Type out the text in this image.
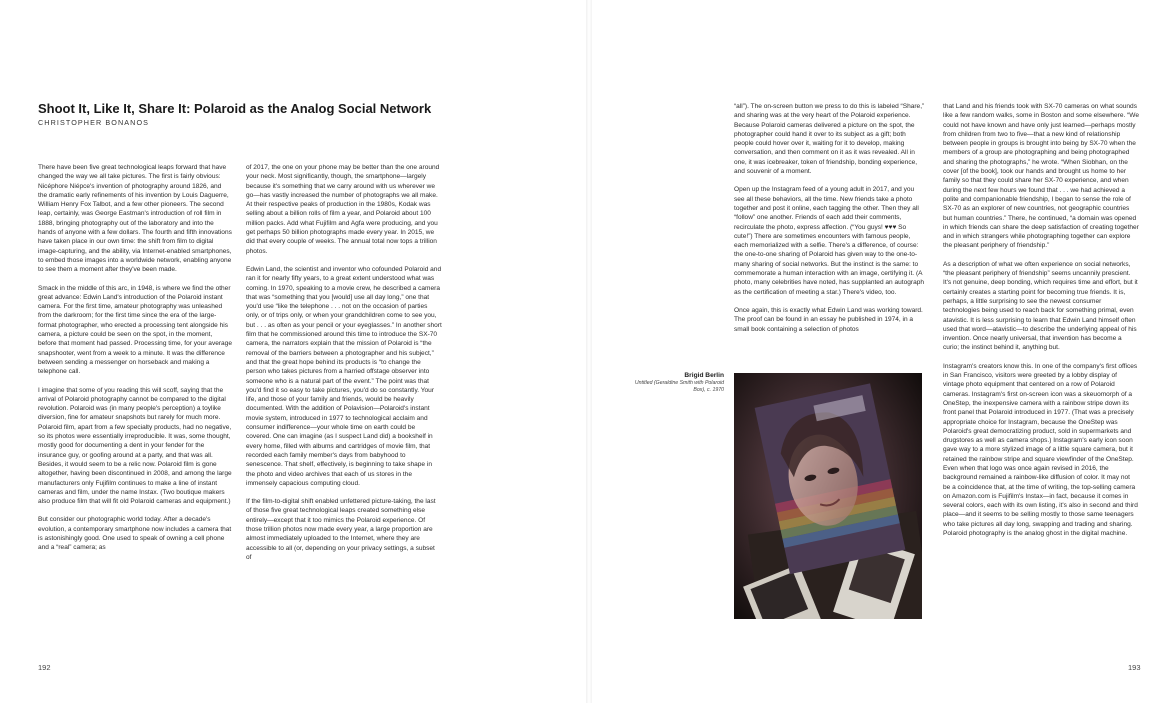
Shoot It, Like It, Share It: Polaroid as the Analog Social Network

CHRISTOPHER BONANOS

There have been five great technological leaps forward that have changed the way we all take pictures. The first is fairly obvious: Nicéphore Niépce's invention of photography around 1826, and the dramatic early refinements of his invention by Louis Daguerre, William Henry Fox Talbot, and a few other pioneers. The second leap, certainly, was George Eastman's introduction of roll film in 1888, bringing photography out of the laboratory and into the hands of anyone with a few dollars. The fourth and fifth innovations have taken place in our own time: the shift from film to digital image-capturing, and the ability, via Internet-enabled smartphones, to embed those images into a worldwide network, enabling anyone to see them a moment after they've been made.

Smack in the middle of this arc, in 1948, is where we find the other great advance: Edwin Land's introduction of the Polaroid instant camera. For the first time, amateur photography was unleashed from the darkroom; for the first time since the era of the large-format photographer, who erected a processing tent alongside his camera, a picture could be seen on the spot, in the moment, before that moment had passed. Processing time, for your average snapshooter, went from a week to a minute. It was the difference between sending a messenger on horseback and making a telephone call.

I imagine that some of you reading this will scoff, saying that the arrival of Polaroid photography cannot be compared to the digital revolution. Polaroid was (in many people's perception) a toylike diversion, fine for amateur snapshots but rarely for much more. Polaroid film, apart from a few specialty products, had no negative, so its photos were essentially irreproducible. It was, some thought, mostly good for documenting a dent in your fender for the insurance guy, or goofing around at a party, and that was all. Besides, it would seem to be a relic now. Polaroid film is gone altogether, having been discontinued in 2008, and among the large manufacturers only Fujifilm continues to make a line of instant cameras and film, under the name Instax. (Two boutique makers also produce film that will fit old Polaroid cameras and equipment.)

But consider our photographic world today. After a decade's evolution, a contemporary smartphone now includes a camera that is astonishingly good. One used to speak of owning a cell phone and a “real” camera; as

of 2017, the one on your phone may be better than the one around your neck. Most significantly, though, the smartphone—largely because it's something that we carry around with us wherever we go—has vastly increased the number of photographs we all make. At their respective peaks of production in the 1980s, Kodak was selling about a billion rolls of film a year, and Polaroid about 100 million packs. Add what Fujifilm and Agfa were producing, and you get perhaps 50 billion photographs made every year. In 2015, we did that every couple of weeks. The annual total now tops a trillion photos.

Edwin Land, the scientist and inventor who cofounded Polaroid and ran it for nearly fifty years, to a great extent understood what was coming. In 1970, speaking to a movie crew, he described a camera that was “something that you [would] use all day long,” one that you'd use “like the telephone . . . not on the occasion of parties only, or of trips only, or when your grandchildren come to see you, but . . . as often as your pencil or your eyeglasses.” In another short film that he commissioned around this time to introduce the SX-70 camera, the narrators explain that the mission of Polaroid is “the removal of the barriers between a photographer and his subject,” and that the great hope behind its products is “to change the person who takes pictures from a harried offstage observer into someone who is a natural part of the event.” The point was that you'd find it so easy to take pictures, you'd do so constantly. Your life, and those of your family and friends, would be heavily documented. With the addition of Polavision—Polaroid's instant movie system, introduced in 1977 to technological acclaim and consumer indifference—your whole time on earth could be covered. One can imagine (as I suspect Land did) a bookshelf in every home, filled with albums and cartridges of movie film, that recorded each family member's days from babyhood to senescence. That shelf, effectively, is beginning to take shape in the photo and video archives that each of us stores in the immensely capacious computing cloud.

If the film-to-digital shift enabled unfettered picture-taking, the last of those five great technological leaps created something else entirely—except that it too mimics the Polaroid experience. Of those trillion photos now made every year, a large proportion are almost immediately uploaded to the Internet, where they are accessible to all (or, depending on your privacy settings, a subset of

“all”). The on-screen button we press to do this is labeled “Share,” and sharing was at the very heart of the Polaroid experience. Because Polaroid cameras delivered a picture on the spot, the photographer could hand it over to its subject as a gift; both people could hover over it, waiting for it to develop, making conversation, and then comment on it as it was revealed. All in one, it was icebreaker, token of friendship, bonding experience, and souvenir of a moment.

Open up the Instagram feed of a young adult in 2017, and you see all these behaviors, all the time. New friends take a photo together and post it online, each tagging the other. Then they all “follow” one another. Friends of each add their comments, recirculate the photo, express affection. (“You guys! ♥♥♥ So cute!”) There are sometimes encounters with famous people, each memorialized with a selfie. There's a difference, of course: the one-to-one sharing of Polaroid has given way to the one-to-many sharing of social networks. But the instinct is the same: to commemorate a human interaction with an image, certifying it. (A photo, many celebrities have noted, has supplanted an autograph as the certification of meeting a star.) There's video, too.

Once again, this is exactly what Edwin Land was working toward. The proof can be found in an essay he published in 1974, in a small book containing a selection of photos

that Land and his friends took with SX-70 cameras on what sounds like a few random walks, some in Boston and some elsewhere. “We could not have known and have only just learned—perhaps mostly from children from two to five—that a new kind of relationship between people in groups is brought into being by SX-70 when the members of a group are photographing and being photographed and sharing the photographs,” he wrote. “When Siobhan, on the cover [of the book], took our hands and brought us home to her family so that they could share her SX-70 experience, and when during the next few hours we found that . . . we had achieved a polite and companionable friendship, I began to sense the role of SX-70 as an explorer of new countries, not geographic countries but human countries.” There, he continued, “a domain was opened in which friends can share the deep satisfaction of creating together and in which strangers while photographing together can explore the pleasant periphery of friendship.”

As a description of what we often experience on social networks, “the pleasant periphery of friendship” seems uncannily prescient. It's not genuine, deep bonding, which requires time and effort, but it certainly creates a starting point for becoming true friends. It is, perhaps, a little surprising to see the newest consumer technologies being used to reach back for something primal, even atavistic. It is less surprising to learn that Edwin Land himself often used that word—atavistic—to describe the underlying appeal of his invention. Once nearly universal, that invention has become a curio; the instinct behind it, anything but.

Instagram's creators know this. In one of the company's first offices in San Francisco, visitors were greeted by a lobby display of vintage photo equipment that centered on a row of Polaroid cameras. Instagram's first on-screen icon was a skeuomorph of a OneStep, the inexpensive camera with a rainbow stripe down its front panel that Polaroid introduced in 1977. (That was a precisely appropriate choice for Instagram, because the OneStep was Polaroid's great democratizing product, sold in supermarkets and drugstores as well as camera shops.) Instagram's early icon soon gave way to a more stylized image of a little square camera, but it retained the rainbow stripe and square viewfinder of the OneStep. Even when that logo was once again revised in 2016, the background remained a rainbow-like diffusion of color. It may not be a coincidence that, at the time of writing, the top-selling camera on Amazon.com is Fujifilm's Instax—in fact, because it comes in several colors, each with its own listing, it's also in second and third place—and it seems to be selling mostly to those same teenagers who take pictures all day long, swapping and trading and sharing. Polaroid photography is the analog ghost in the digital machine.

Brigid Berlin
Untitled (Geraldine Smith with Polaroid Box), c. 1970

192	193
